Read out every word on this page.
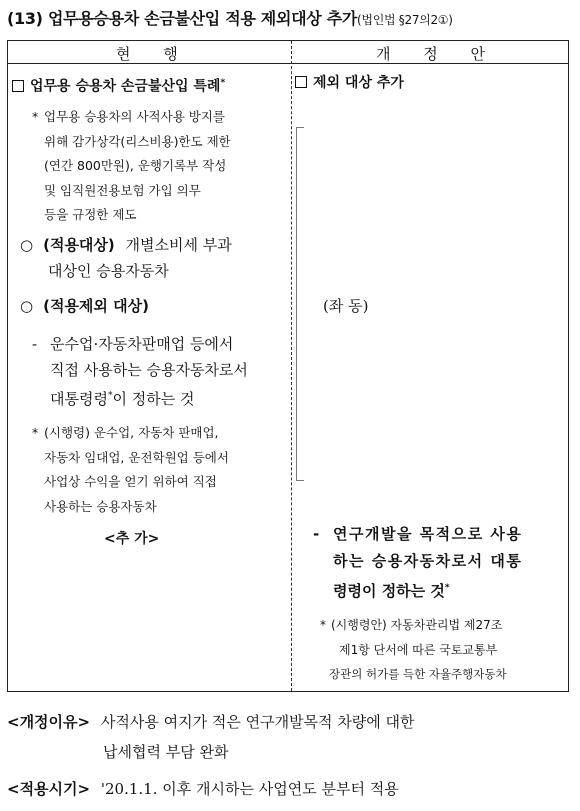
(13) 업무용승용차 손금불산입 적용 제외대상 추가(법인법 §27의2①)
현 행	개 정 안
업무용 승용차 손금불산입 특례*
* 업무용 승용차의 사적사용 방지를
위해 감가상각(리스비용)한도 제한
(연간 800만원), 운행기록부 작성
및 임직원전용보험 가입 의무
등을 규정한 제도
○ (적용대상) 개별소비세 부과
대상인 승용자동차
○ (적용제외 대상)
- 운수업·자동차판매업 등에서
직접 사용하는 승용자동차로서
대통령령*이 정하는 것
* (시행령) 운수업, 자동차 판매업,
자동차 임대업, 운전학원업 등에서
사업상 수익을 얻기 위하여 직접
사용하는 승용자동차
<추 가>
제외 대상 추가
(좌 동)
- 연구개발을 목적으로 사용
하는 승용자동차로서 대통
령령이 정하는 것*
* (시행령안) 자동차관리법 제27조
제1항 단서에 따른 국토교통부
장관의 허가를 득한 자율주행자동차
<개정이유> 사적사용 여지가 적은 연구개발목적 차량에 대한
납세협력 부담 완화
<적용시기> '20.1.1. 이후 개시하는 사업연도 분부터 적용
